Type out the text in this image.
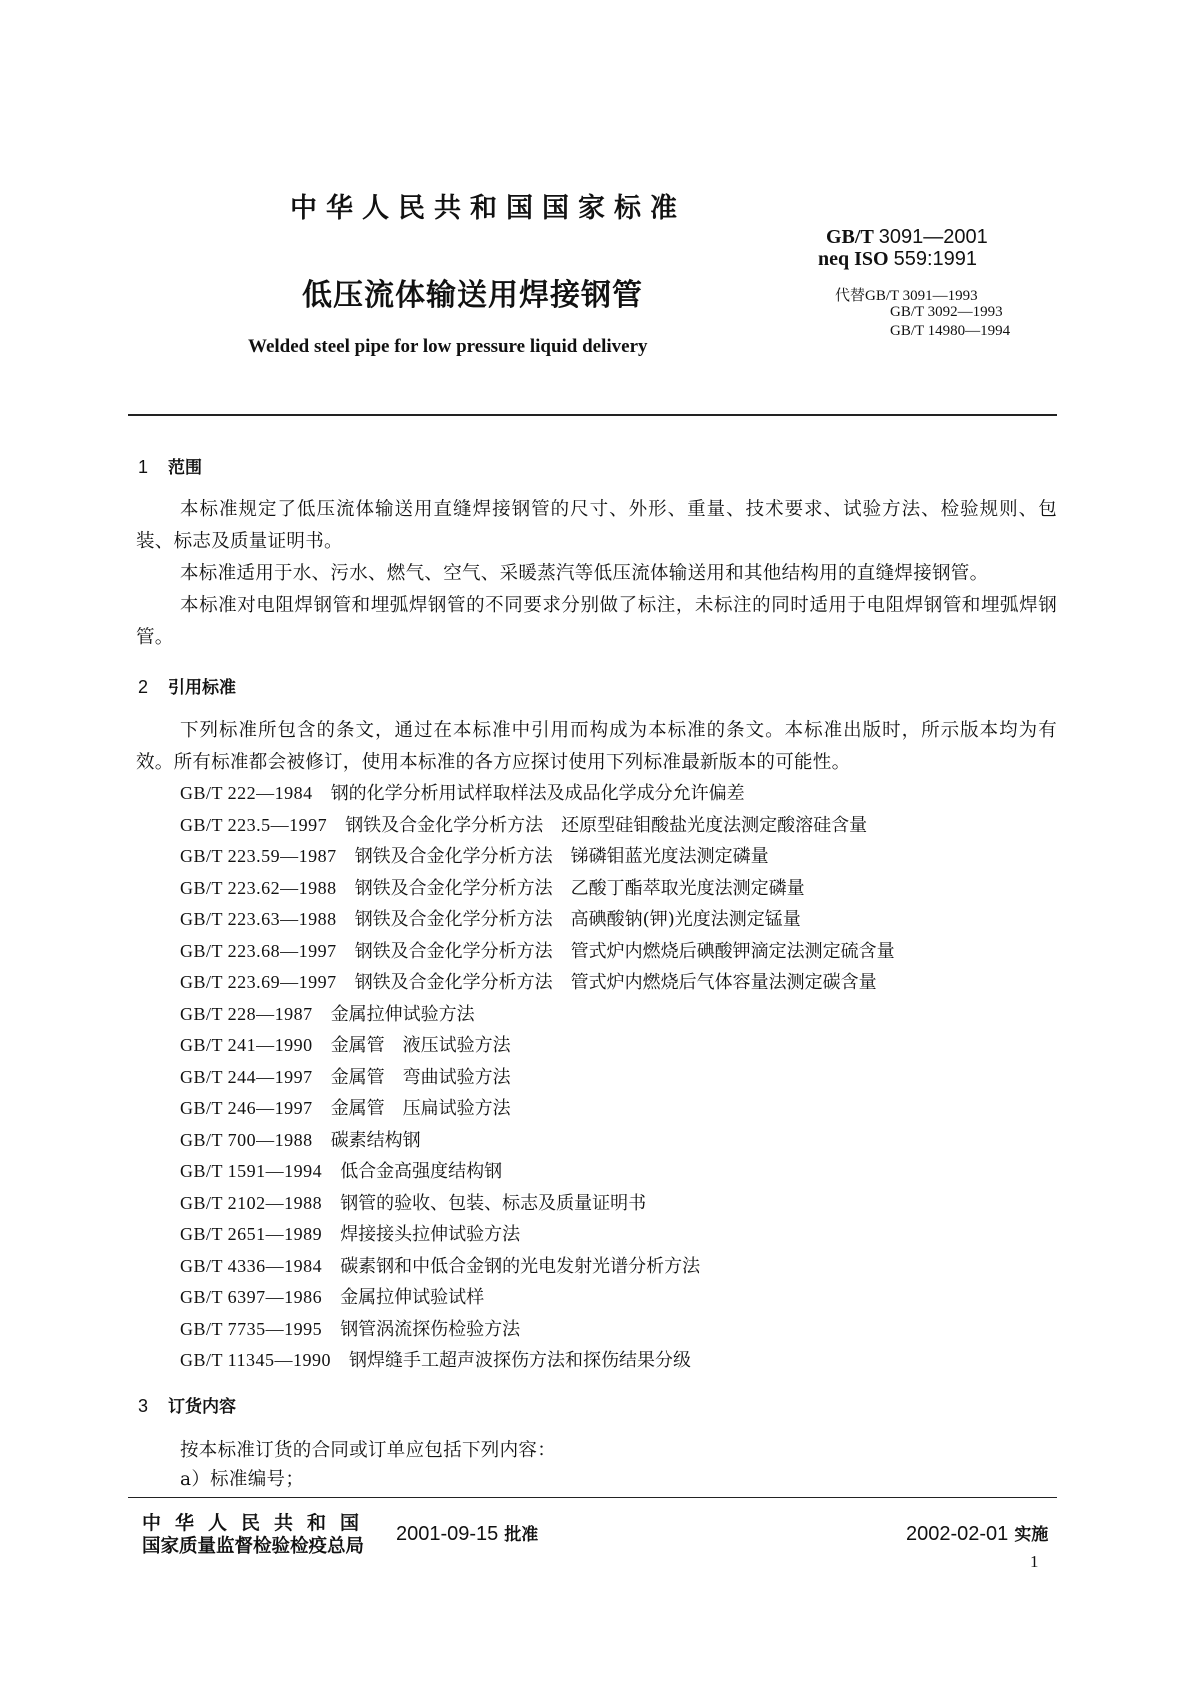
中华人民共和国国家标准
GB/T 3091—2001
neq ISO 559:1991
代替GB/T 3091—1993
GB/T 3092—1993
GB/T 14980—1994
低压流体输送用焊接钢管
Welded steel pipe for low pressure liquid delivery
1 范围
本标准规定了低压流体输送用直缝焊接钢管的尺寸、外形、重量、技术要求、试验方法、检验规则、包装、标志及质量证明书。
本标准适用于水、污水、燃气、空气、采暖蒸汽等低压流体输送用和其他结构用的直缝焊接钢管。
本标准对电阻焊钢管和埋弧焊钢管的不同要求分别做了标注，未标注的同时适用于电阻焊钢管和埋弧焊钢管。
2 引用标准
下列标准所包含的条文，通过在本标准中引用而构成为本标准的条文。本标准出版时，所示版本均为有效。所有标准都会被修订，使用本标准的各方应探讨使用下列标准最新版本的可能性。
GB/T 222—1984 钢的化学分析用试样取样法及成品化学成分允许偏差
GB/T 223.5—1997 钢铁及合金化学分析方法　还原型硅钼酸盐光度法测定酸溶硅含量
GB/T 223.59—1987 钢铁及合金化学分析方法　锑磷钼蓝光度法测定磷量
GB/T 223.62—1988 钢铁及合金化学分析方法　乙酸丁酯萃取光度法测定磷量
GB/T 223.63—1988 钢铁及合金化学分析方法　高碘酸钠(钾)光度法测定锰量
GB/T 223.68—1997 钢铁及合金化学分析方法　管式炉内燃烧后碘酸钾滴定法测定硫含量
GB/T 223.69—1997 钢铁及合金化学分析方法　管式炉内燃烧后气体容量法测定碳含量
GB/T 228—1987 金属拉伸试验方法
GB/T 241—1990 金属管　液压试验方法
GB/T 244—1997 金属管　弯曲试验方法
GB/T 246—1997 金属管　压扁试验方法
GB/T 700—1988 碳素结构钢
GB/T 1591—1994 低合金高强度结构钢
GB/T 2102—1988 钢管的验收、包装、标志及质量证明书
GB/T 2651—1989 焊接接头拉伸试验方法
GB/T 4336—1984 碳素钢和中低合金钢的光电发射光谱分析方法
GB/T 6397—1986 金属拉伸试验试样
GB/T 7735—1995 钢管涡流探伤检验方法
GB/T 11345—1990 钢焊缝手工超声波探伤方法和探伤结果分级
3 订货内容
按本标准订货的合同或订单应包括下列内容：
a）标准编号；
中华人民共和国
国家质量监督检验检疫总局
2001-09-15 批准	2002-02-01 实施
1
